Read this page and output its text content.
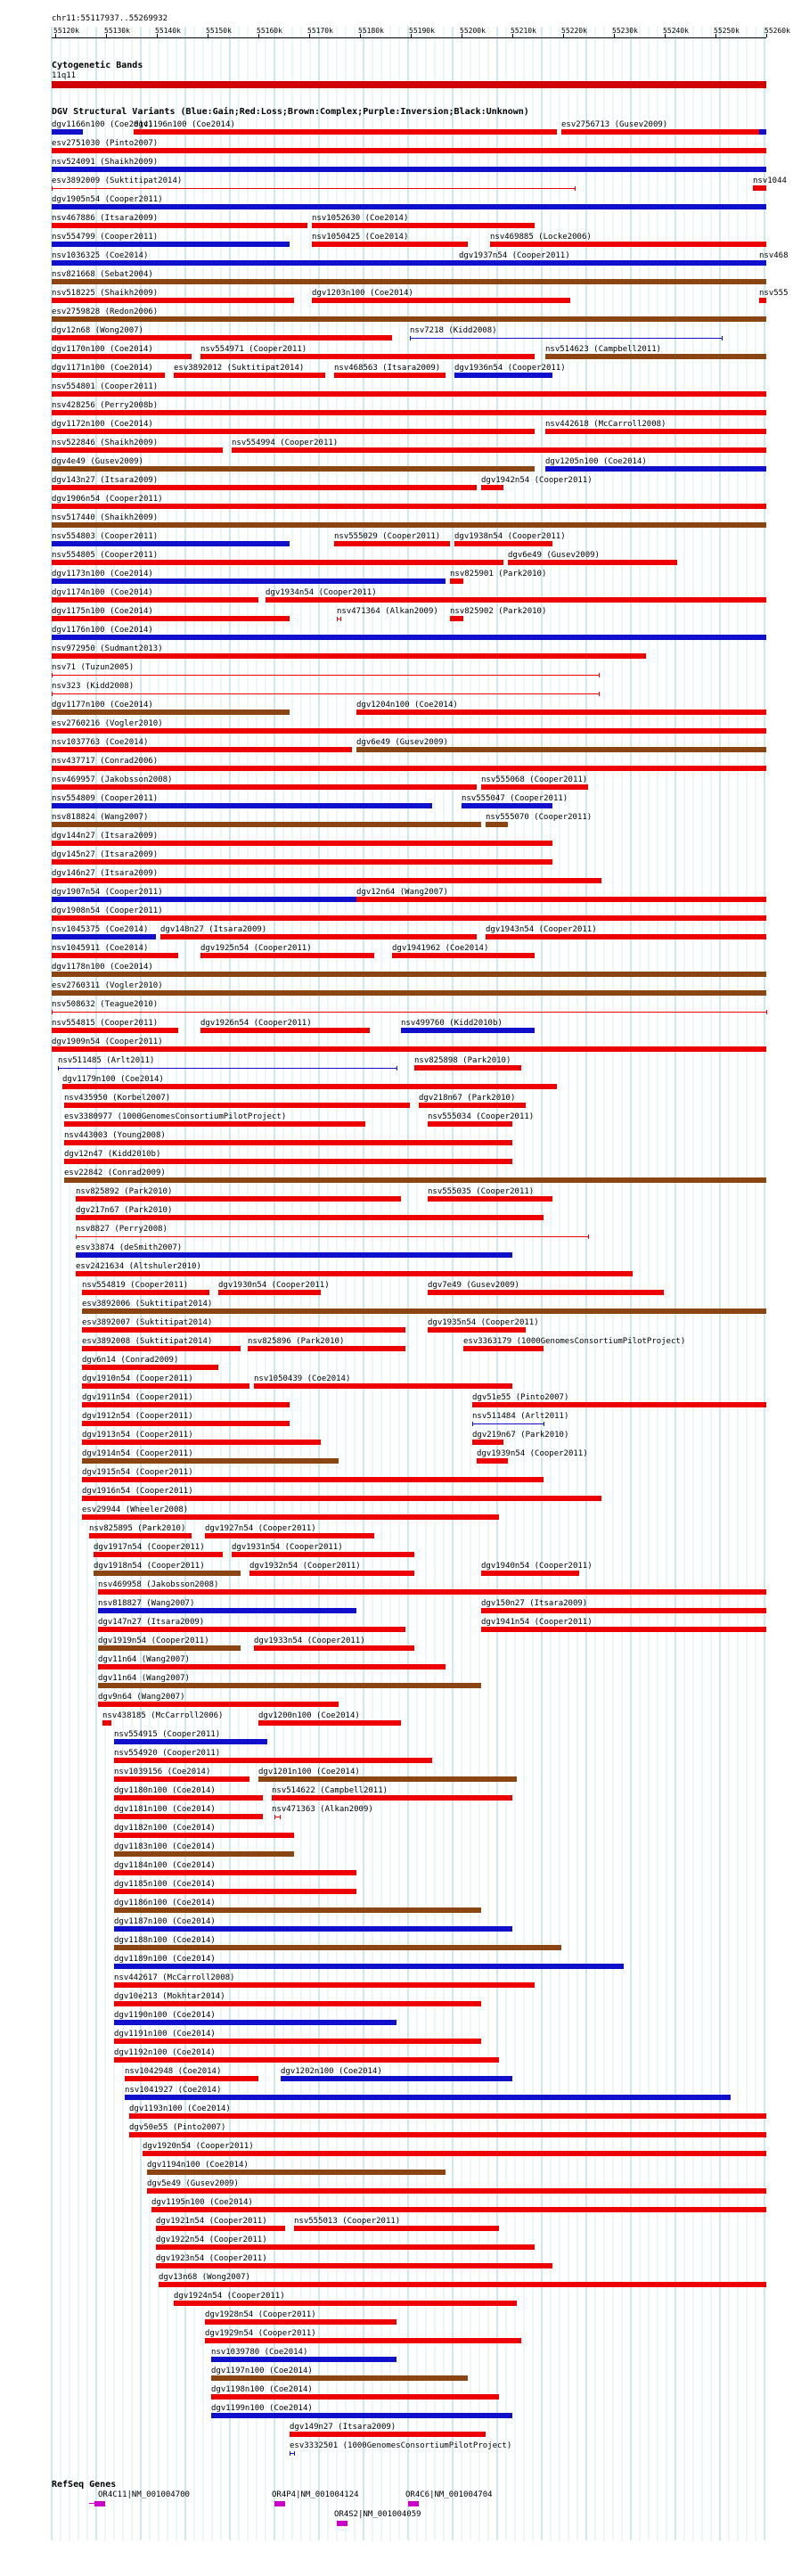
chr11:55117937..55269932
55120k	55130k	55140k	55150k	55160k	55170k	55180k	55190k	55200k	55210k	55220k	55230k	55240k	55250k	55260k
Cytogenetic Bands
11q11
DGV Structural Variants (Blue:Gain;Red:Loss;Brown:Complex;Purple:Inversion;Black:Unknown)
dgv1166n100 (Coe2014)
dgv1196n100 (Coe2014)	esv2756713 (Gusev2009)
esv2751030 (Pinto2007)
nsv524091 (Shaikh2009)
esv3892009 (Suktitipat2014)	nsv1044
dgv1905n54 (Cooper2011)
nsv467886 (Itsara2009)	nsv1052630 (Coe2014)
nsv554799 (Cooper2011)	nsv1050425 (Coe2014)	nsv469885 (Locke2006)
nsv1036325 (Coe2014)	dgv1937n54 (Cooper2011)	nsv468
nsv821668 (Sebat2004)
nsv518225 (Shaikh2009)	dgv1203n100 (Coe2014)	nsv555
esv2759828 (Redon2006)
dgv12n68 (Wong2007)	nsv7218 (Kidd2008)
dgv1170n100 (Coe2014)	nsv554971 (Cooper2011)	nsv514623 (Campbell2011)
dgv1171n100 (Coe2014)	esv3892012 (Suktitipat2014)	nsv468563 (Itsara2009) dgv1936n54 (Cooper2011)
nsv554801 (Cooper2011)
nsv428256 (Perry2008b)
dgv1172n100 (Coe2014)	nsv442618 (McCarroll2008)
nsv522846 (Shaikh2009)	nsv554994 (Cooper2011)
dgv4e49 (Gusev2009)	dgv1205n100 (Coe2014)
dgv143n27 (Itsara2009)	dgv1942n54 (Cooper2011)
dgv1906n54 (Cooper2011)
nsv517440 (Shaikh2009)
nsv554803 (Cooper2011)	nsv555029 (Cooper2011) dgv1938n54 (Cooper2011)
nsv554805 (Cooper2011)	dgv6e49 (Gusev2009)
dgv1173n100 (Coe2014)	nsv825901 (Park2010)
dgv1174n100 (Coe2014)	dgv1934n54 (Cooper2011)
dgv1175n100 (Coe2014)	nsv471364 (Alkan2009) nsv825902 (Park2010)
dgv1176n100 (Coe2014)
nsv972950 (Sudmant2013)
nsv71 (Tuzun2005)
nsv323 (Kidd2008)
dgv1177n100 (Coe2014)	dgv1204n100 (Coe2014)
esv2760216 (Vogler2010)
nsv1037763 (Coe2014)	dgv6e49 (Gusev2009)
nsv437717 (Conrad2006)
nsv469957 (Jakobsson2008)	nsv555068 (Cooper2011)
nsv554809 (Cooper2011)	nsv555047 (Cooper2011)
nsv818824 (Wang2007)	nsv555070 (Cooper2011)
dgv144n27 (Itsara2009)
dgv145n27 (Itsara2009)
dgv146n27 (Itsara2009)
dgv1907n54 (Cooper2011)	dgv12n64 (Wang2007)
dgv1908n54 (Cooper2011)
nsv1045375 (Coe2014) dgv148n27 (Itsara2009)	dgv1943n54 (Cooper2011)
nsv1045911 (Coe2014)	dgv1925n54 (Cooper2011)	dgv1941962 (Coe2014)
dgv1178n100 (Coe2014)
esv2760311 (Vogler2010)
nsv508632 (Teague2010)
nsv554815 (Cooper2011)	dgv1926n54 (Cooper2011)	nsv499760 (Kidd2010b)
dgv1909n54 (Cooper2011)
nsv511485 (Arlt2011)	nsv825898 (Park2010)
dgv1179n100 (Coe2014)
nsv435950 (Korbel2007)	dgv218n67 (Park2010)
esv3380977 (1000GenomesConsortiumPilotProject)	nsv555034 (Cooper2011)
nsv443003 (Young2008)
dgv12n47 (Kidd2010b)
esv22842 (Conrad2009)
nsv825892 (Park2010)	nsv555035 (Cooper2011)
dgv217n67 (Park2010)
nsv8827 (Perry2008)
esv33874 (deSmith2007)
esv2421634 (Altshuler2010)
nsv554819 (Cooper2011)	dgv1930n54 (Cooper2011)	dgv7e49 (Gusev2009)
esv3892006 (Suktitipat2014)
esv3892007 (Suktitipat2014)	dgv1935n54 (Cooper2011)
esv3892008 (Suktitipat2014)	nsv825896 (Park2010)	esv3363179 (1000GenomesConsortiumPilotProject)
dgv6n14 (Conrad2009)
dgv1910n54 (Cooper2011)	nsv1050439 (Coe2014)
dgv1911n54 (Cooper2011)	dgv51e55 (Pinto2007)
dgv1912n54 (Cooper2011)	nsv511484 (Arlt2011)
dgv1913n54 (Cooper2011)	dgv219n67 (Park2010)
dgv1914n54 (Cooper2011)	dgv1939n54 (Cooper2011)
dgv1915n54 (Cooper2011)
dgv1916n54 (Cooper2011)
esv29944 (Wheeler2008)
nsv825895 (Park2010) dgv1927n54 (Cooper2011)
dgv1917n54 (Cooper2011)	dgv1931n54 (Cooper2011)
dgv1918n54 (Cooper2011)	dgv1932n54 (Cooper2011)	dgv1940n54 (Cooper2011)
nsv469958 (Jakobsson2008)
nsv818827 (Wang2007)	dgv150n27 (Itsara2009)
dgv147n27 (Itsara2009)	dgv1941n54 (Cooper2011)
dgv1919n54 (Cooper2011)	dgv1933n54 (Cooper2011)
dgv11n64 (Wang2007)
dgv11n64 (Wang2007)
dgv9n64 (Wang2007)
nsv438185 (McCarroll2006)	dgv1200n100 (Coe2014)
nsv554915 (Cooper2011)
nsv554920 (Cooper2011)
nsv1039156 (Coe2014)	dgv1201n100 (Coe2014)
dgv1180n100 (Coe2014)	nsv514622 (Campbell2011)
dgv1181n100 (Coe2014)	nsv471363 (Alkan2009)
dgv1182n100 (Coe2014)
dgv1183n100 (Coe2014)
dgv1184n100 (Coe2014)
dgv1185n100 (Coe2014)
dgv1186n100 (Coe2014)
dgv1187n100 (Coe2014)
dgv1188n100 (Coe2014)
dgv1189n100 (Coe2014)
nsv442617 (McCarroll2008)
dgv10e213 (Mokhtar2014)
dgv1190n100 (Coe2014)
dgv1191n100 (Coe2014)
dgv1192n100 (Coe2014)
nsv1042948 (Coe2014)	dgv1202n100 (Coe2014)
nsv1041927 (Coe2014)
dgv1193n100 (Coe2014)
dgv50e55 (Pinto2007)
dgv1920n54 (Cooper2011)
dgv1194n100 (Coe2014)
dgv5e49 (Gusev2009)
dgv1195n100 (Coe2014)
dgv1921n54 (Cooper2011)	nsv555013 (Cooper2011)
dgv1922n54 (Cooper2011)
dgv1923n54 (Cooper2011)
dgv13n68 (Wong2007)
dgv1924n54 (Cooper2011)
dgv1928n54 (Cooper2011)
dgv1929n54 (Cooper2011)
nsv1039780 (Coe2014)
dgv1197n100 (Coe2014)
dgv1198n100 (Coe2014)
dgv1199n100 (Coe2014)
dgv149n27 (Itsara2009)
esv3332501 (1000GenomesConsortiumPilotProject)
RefSeq Genes
OR4C11|NM_001004700	OR4P4|NM_001004124	OR4C6|NM_001004704
OR4S2|NM_001004059
